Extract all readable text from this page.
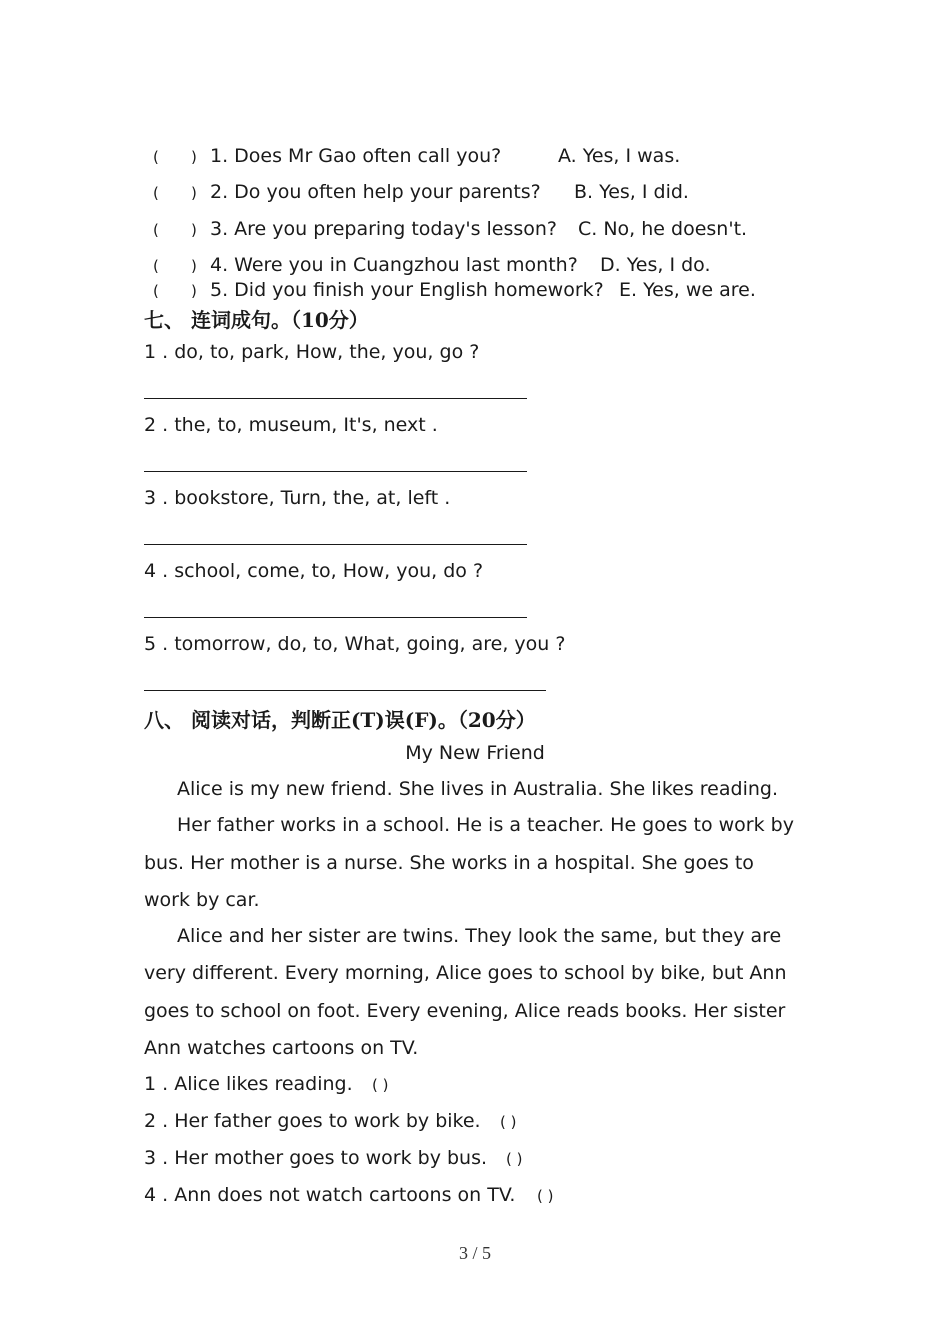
( ) 1. Does Mr Gao often call you?	A. Yes, I was.
( ) 2. Do you often help your parents? B. Yes, I did.
( ) 3. Are you preparing today's lesson? C. No, he doesn't.
( ) 4. Were you in Cuangzhou last month? D. Yes, I do.
( ) 5. Did you finish your English homework? E. Yes, we are.
七、 连词成句。（10分）
1 . do, to, park, How, the, you, go ?
2 . the, to, museum, It's, next .
3 . bookstore, Turn, the, at, left .
4 . school, come, to, How, you, do ?
5 . tomorrow, do, to, What, going, are, you ?
八、 阅读对话，判断正(T)误(F)。（20分）
My New Friend
Alice is my new friend. She lives in Australia. She likes reading.
Her father works in a school. He is a teacher. He goes to work by
bus. Her mother is a nurse. She works in a hospital. She goes to
work by car.
Alice and her sister are twins. They look the same, but they are
very different. Every morning, Alice goes to school by bike, but Ann
goes to school on foot. Every evening, Alice reads books. Her sister
Ann watches cartoons on TV.
1 . Alice likes reading. ( )
2 . Her father goes to work by bike. ( )
3 . Her mother goes to work by bus. ( )
4 . Ann does not watch cartoons on TV. ( )
3 / 5
